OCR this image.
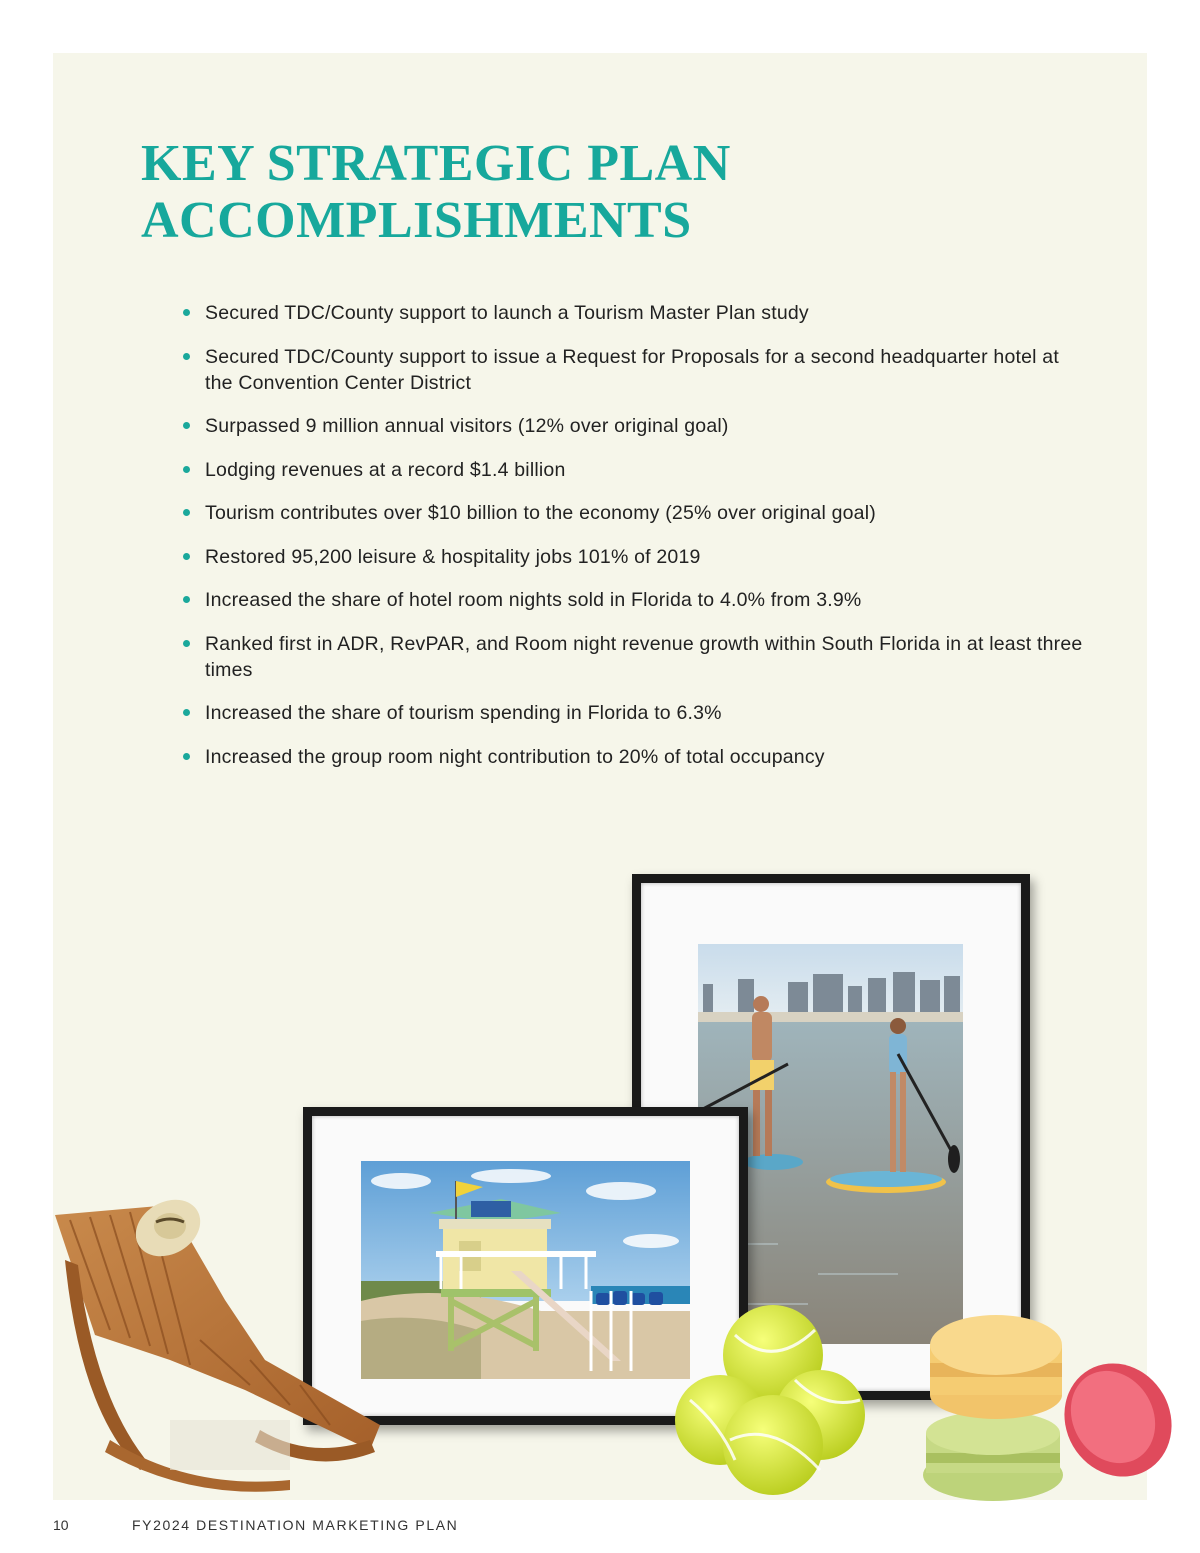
KEY STRATEGIC PLAN
ACCOMPLISHMENTS
Secured TDC/County support to launch a Tourism Master Plan study
Secured TDC/County support to issue a Request for Proposals for a second headquarter hotel at the Convention Center District
Surpassed 9 million annual visitors (12% over original goal)
Lodging revenues at a record $1.4 billion
Tourism contributes over $10 billion to the economy (25% over original goal)
Restored 95,200 leisure & hospitality jobs 101% of 2019
Increased the share of hotel room nights sold in Florida to 4.0% from 3.9%
Ranked first in ADR, RevPAR, and Room night revenue growth within South Florida in at least three times
Increased the share of tourism spending in Florida to 6.3%
Increased the group room night contribution to 20% of total occupancy
10	FY2024 DESTINATION MARKETING PLAN
